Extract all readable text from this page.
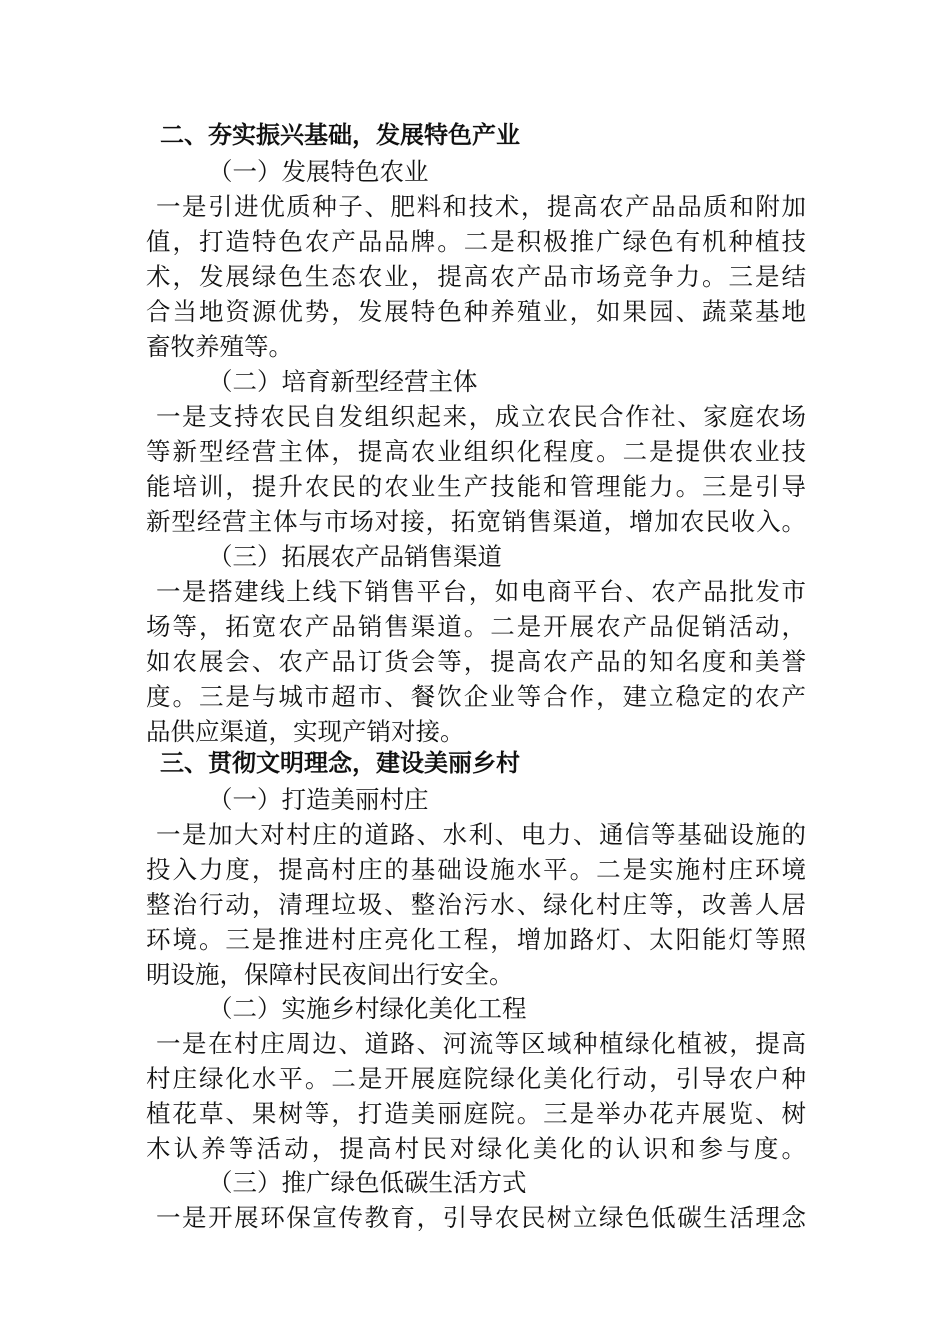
二、夯实振兴基础，发展特色产业
（一）发展特色农业
一是引进优质种子、肥料和技术，提高农产品品质和附加
值，打造特色农产品品牌。二是积极推广绿色有机种植技
术，发展绿色生态农业，提高农产品市场竞争力。三是结
合当地资源优势，发展特色种养殖业，如果园、蔬菜基地
畜牧养殖等。
（二）培育新型经营主体
一是支持农民自发组织起来，成立农民合作社、家庭农场
等新型经营主体，提高农业组织化程度。二是提供农业技
能培训，提升农民的农业生产技能和管理能力。三是引导
新型经营主体与市场对接，拓宽销售渠道，增加农民收入。
（三）拓展农产品销售渠道
一是搭建线上线下销售平台，如电商平台、农产品批发市
场等，拓宽农产品销售渠道。二是开展农产品促销活动，
如农展会、农产品订货会等，提高农产品的知名度和美誉
度。三是与城市超市、餐饮企业等合作，建立稳定的农产
品供应渠道，实现产销对接。
三、贯彻文明理念，建设美丽乡村
（一）打造美丽村庄
一是加大对村庄的道路、水利、电力、通信等基础设施的
投入力度，提高村庄的基础设施水平。二是实施村庄环境
整治行动，清理垃圾、整治污水、绿化村庄等，改善人居
环境。三是推进村庄亮化工程，增加路灯、太阳能灯等照
明设施，保障村民夜间出行安全。
（二）实施乡村绿化美化工程
一是在村庄周边、道路、河流等区域种植绿化植被，提高
村庄绿化水平。二是开展庭院绿化美化行动，引导农户种
植花草、果树等，打造美丽庭院。三是举办花卉展览、树
木认养等活动，提高村民对绿化美化的认识和参与度。
（三）推广绿色低碳生活方式
一是开展环保宣传教育，引导农民树立绿色低碳生活理念
